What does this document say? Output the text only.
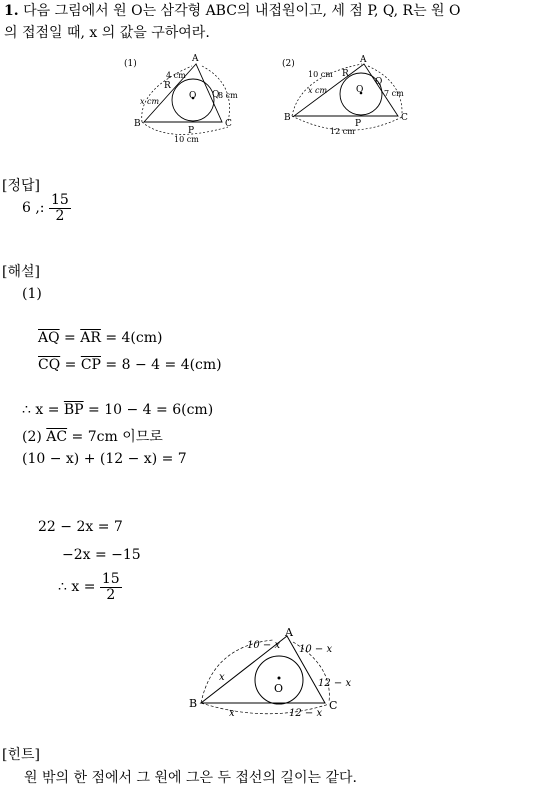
1. 다음 그림에서 원 O는 삼각형 ABC의 내접원이고, 세 점 P, Q, R는 원 O
의 접점일 때, x 의 값을 구하여라.
(1)	A
B	C
O
P
Q
R
4 cm
8 cm
x cm
10 cm
(2)	A
B	C
O
P
Q
R
10 cm
x cm	7 cm
12 cm
[정답]
6 ,: $\frac{15}{2}$
[해설]
(1)
$\overline{AQ} = \overline{AR} = 4(cm)$
$\overline{CQ} = \overline{CP} = 8 - 4 = 4(cm)$
∴ $x = \overline{BP} = 10 - 4 = 6(cm)$
(2) $\overline{AC} = 7cm$ 이므로
(10 − x) + (12 − x) = 7
22 − 2x = 7
−2x = −15
∴ $x = \frac{15}{2}$
A
B	C
O
10 − x 10 − x
x
x
12 − x
12 − x
[힌트]
원 밖의 한 점에서 그 원에 그은 두 접선의 길이는 같다.
